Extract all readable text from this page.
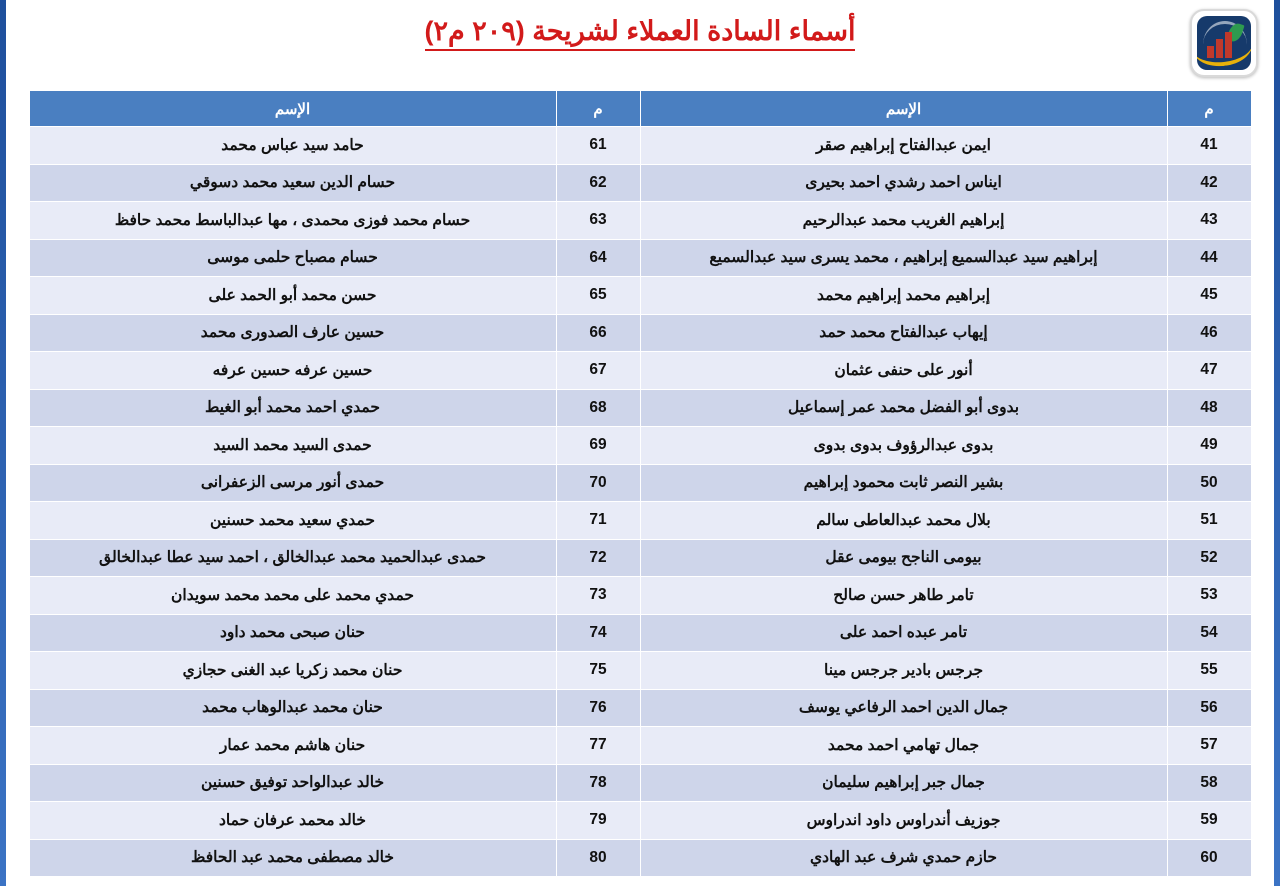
أسماء السادة العملاء لشريحة (٢٠٩ م٢)
م	الإسم	م	الإسم
41	ايمن عبدالفتاح إبراهيم صقر	61	حامد سيد عباس محمد
42	ايناس احمد رشدي احمد بحيرى	62	حسام الدين سعيد محمد دسوقي
43	إبراهيم الغريب محمد عبدالرحيم	63	حسام محمد فوزى محمدى ، مها عبدالباسط محمد حافظ
44	إبراهيم سيد عبدالسميع إبراهيم ، محمد يسرى سيد عبدالسميع	64	حسام مصباح حلمى موسى
45	إبراهيم محمد إبراهيم محمد	65	حسن محمد أبو الحمد على
46	إيهاب عبدالفتاح محمد حمد	66	حسين عارف الصدورى محمد
47	أنور على حنفى عثمان	67	حسين عرفه حسين عرفه
48	بدوى أبو الفضل محمد عمر إسماعيل	68	حمدي احمد محمد أبو الغيط
49	بدوى عبدالرؤوف بدوى بدوى	69	حمدى السيد محمد السيد
50	بشير النصر ثابت محمود إبراهيم	70	حمدى أنور مرسى الزعفرانى
51	بلال محمد عبدالعاطى سالم	71	حمدي سعيد محمد حسنين
52	بيومى الناجح بيومى عقل	72	حمدى عبدالحميد محمد عبدالخالق ، احمد سيد عطا عبدالخالق
53	تامر طاهر حسن صالح	73	حمدي محمد على محمد محمد سويدان
54	تامر عبده احمد على	74	حنان صبحى محمد داود
55	جرجس بادير جرجس مينا	75	حنان محمد زكريا عبد الغنى حجازي
56	جمال الدين احمد الرفاعي يوسف	76	حنان محمد عبدالوهاب محمد
57	جمال تهامي احمد محمد	77	حنان هاشم محمد عمار
58	جمال جبر إبراهيم سليمان	78	خالد عبدالواحد توفيق حسنين
59	جوزيف أندراوس داود اندراوس	79	خالد محمد عرفان حماد
60	حازم حمدي شرف عبد الهادي	80	خالد مصطفى محمد عبد الحافظ
